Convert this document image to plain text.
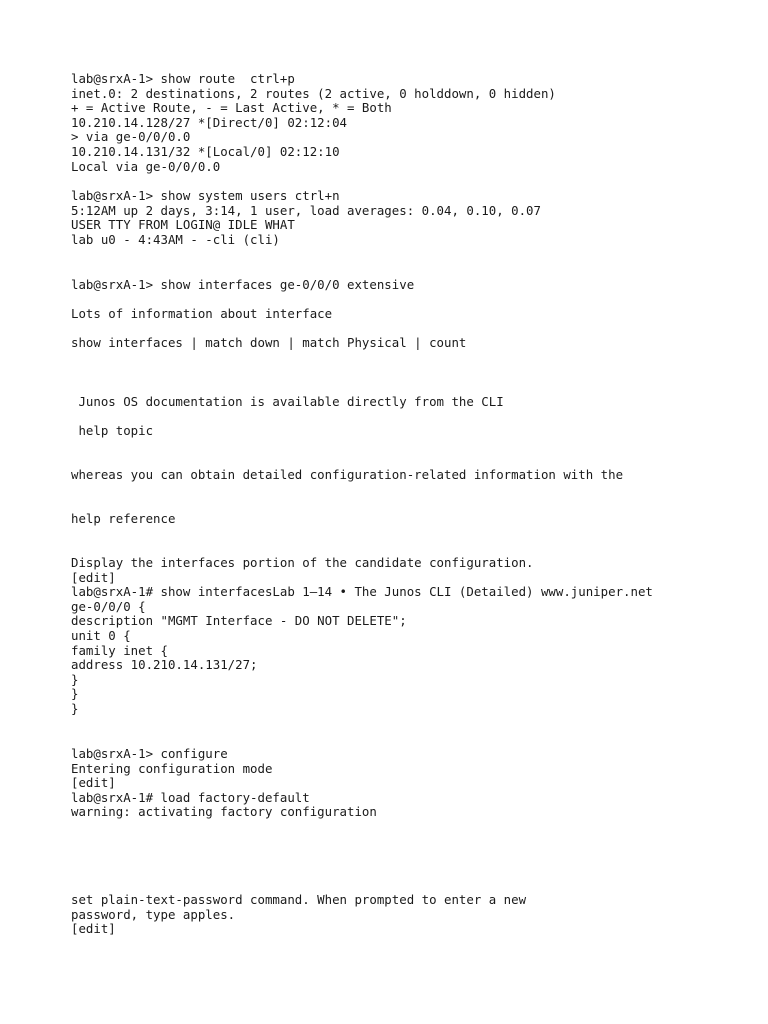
lab@srxA-1> show route  ctrl+p

inet.0: 2 destinations, 2 routes (2 active, 0 holddown, 0 hidden)

+ = Active Route, - = Last Active, * = Both

10.210.14.128/27 *[Direct/0] 02:12:04

> via ge-0/0/0.0

10.210.14.131/32 *[Local/0] 02:12:10

Local via ge-0/0/0.0

lab@srxA-1> show system users ctrl+n

5:12AM up 2 days, 3:14, 1 user, load averages: 0.04, 0.10, 0.07

USER TTY FROM LOGIN@ IDLE WHAT

lab u0 - 4:43AM - -cli (cli)

lab@srxA-1> show interfaces ge-0/0/0 extensive

Lots of information about interface

show interfaces | match down | match Physical | count

Junos OS documentation is available directly from the CLI

help topic

whereas you can obtain detailed configuration-related information with the

help reference

Display the interfaces portion of the candidate configuration.

[edit]

lab@srxA-1# show interfacesLab 1–14 • The Junos CLI (Detailed) www.juniper.net

ge-0/0/0 {

description "MGMT Interface - DO NOT DELETE";

unit 0 {

family inet {

address 10.210.14.131/27;

}

}

}

lab@srxA-1> configure

Entering configuration mode

[edit]

lab@srxA-1# load factory-default

warning: activating factory configuration

set plain-text-password command. When prompted to enter a new

password, type apples.

[edit]
